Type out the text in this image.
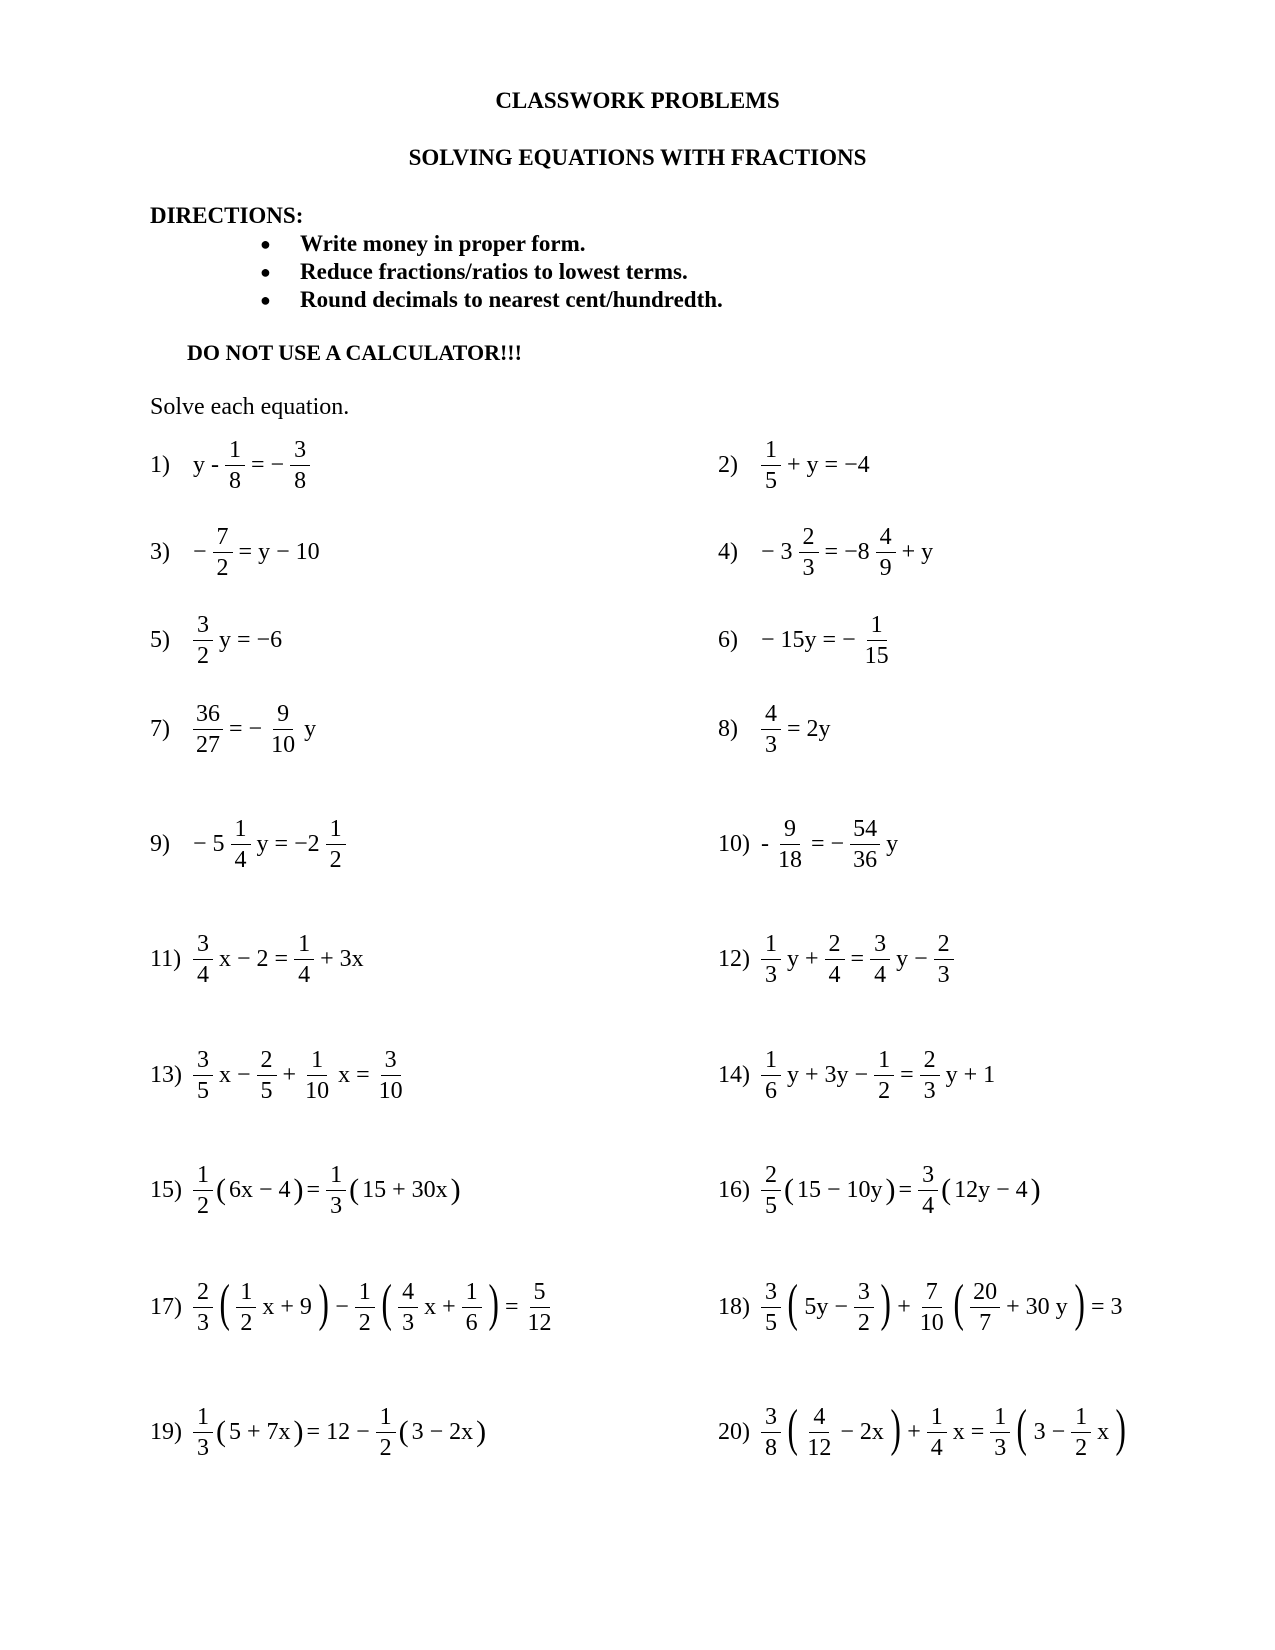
CLASSWORK PROBLEMS
SOLVING EQUATIONS WITH FRACTIONS
DIRECTIONS:
● Write money in proper form.
● Reduce fractions/ratios to lowest terms.
● Round decimals to nearest cent/hundredth.
DO NOT USE A CALCULATOR!!!
Solve each equation.
1) y - $\frac{1}{8}$ = − $\frac{3}{8}$	$2) \frac{1}{5} + y = -4$
$3) - \frac{7}{2} = y - 10$	$4) - 3 \frac{2}{3} = -8 \frac{4}{9} + y$
$5) \frac{3}{2}$ y = −6	6) − 15y = − $\frac{1}{15}$
$7) \frac{36}{27}$ = − $\frac{9}{10}$ y	$8) \frac{4}{3} = 2y$
$9) - 5 \frac{1}{4}$ $y = -2 \frac{1}{2}$	$10) - \frac{9}{18}$ = − $\frac{54}{36}$ y
$11) \frac{3}{4}$ $x - 2 = \frac{1}{4} + 3x$	$12) \frac{1}{3}$ $y + \frac{2}{4} = \frac{3}{4}$ $y - \frac{2}{3}$
$13) \frac{3}{5}$ $x - \frac{2}{5} + \frac{1}{10}$ $x = \frac{3}{10}$	$14) \frac{1}{6}$ $y + 3y - \frac{1}{2} = \frac{2}{3}$ y + 1
$15) \frac{1}{2}$ ( 6x − 4 ) = $\frac{1}{3}$ ( 15 + 30x )	$16) \frac{2}{5}$ ( 15 − 10y ) = $\frac{3}{4}$ ( 12y − 4 )
$17) \frac{2}{3}$ ( $\frac{1}{2}$ x + 9 ) − $\frac{1}{2}$ ( $\frac{4}{3}$ $x + \frac{1}{6}$ ) = $\frac{5}{12}$	$18) \frac{3}{5}$ ( $5y - \frac{3}{2}$ ) + $\frac{7}{10}$ ( $\frac{20}{7} + 30$ y ) = 3
$19) \frac{1}{3}$ ( 5 + 7x ) = $12 - \frac{1}{2}$ ( 3 − 2x )	$20) \frac{3}{8}$ ( $\frac{4}{12} - 2x$ ) + $\frac{1}{4}$ $x = \frac{1}{3}$ ( $3 - \frac{1}{2}$ x )
